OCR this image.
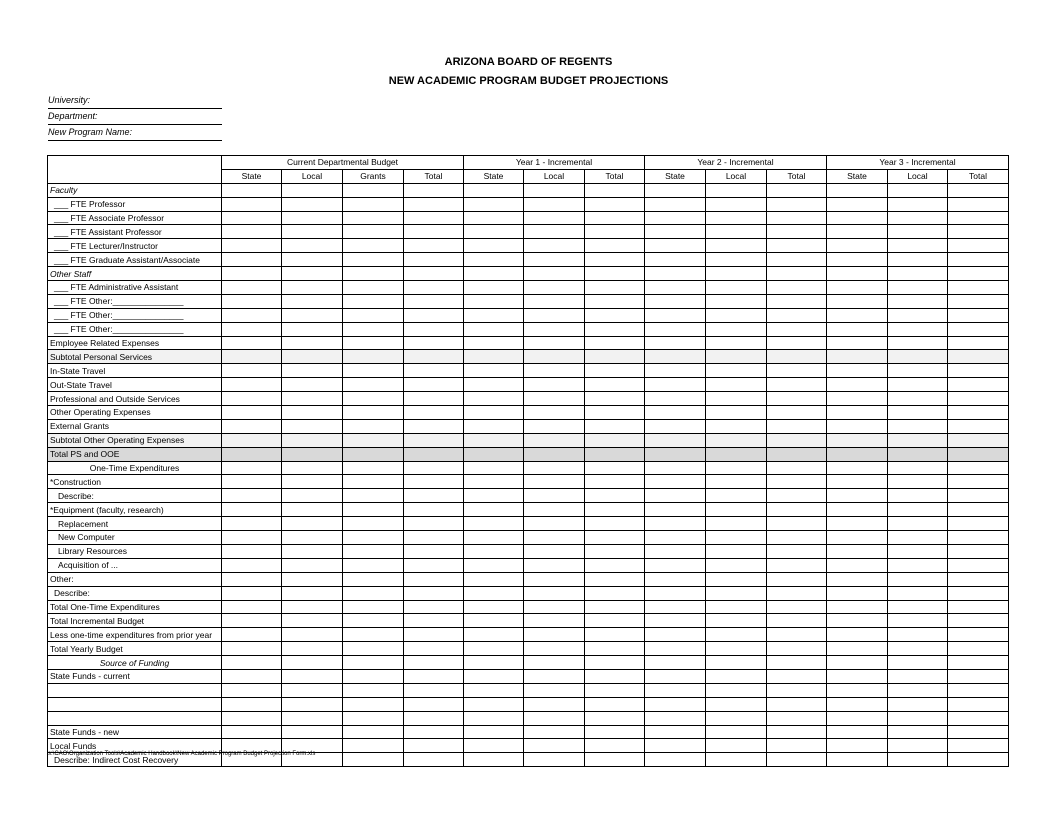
ARIZONA BOARD OF REGENTS
NEW ACADEMIC PROGRAM BUDGET PROJECTIONS
University:
Department:
New Program Name:
	Current Departmental Budget				Year 1 - Incremental			Year 2 - Incremental			Year 3 - Incremental		
	State	Local	Grants	Total	State	Local	Total	State	Local	Total	State	Local	Total
Faculty													
___ FTE Professor													
___ FTE Associate Professor													
___ FTE Assistant Professor													
___ FTE Lecturer/Instructor													
___ FTE Graduate Assistant/Associate													
Other Staff													
___ FTE Administrative Assistant													
___ FTE Other:_______________													
___ FTE Other:_______________													
___ FTE Other:_______________													
Employee Related Expenses													
Subtotal Personal Services													
In-State Travel													
Out-State Travel													
Professional and Outside Services													
Other Operating Expenses													
External Grants													
Subtotal Other Operating Expenses													
Total PS and OOE													
One-Time Expenditures													
*Construction													
Describe:													
*Equipment (faculty, research)													
Replacement													
New Computer													
Library Resources													
Acquisition of ...													
Other:													
Describe:													
Total One-Time Expenditures													
Total Incremental Budget													
Less one-time expenditures from prior year													
Total Yearly Budget													
Source of Funding													
State Funds - current													

State Funds - new													
Local Funds													
Describe: Indirect Cost Recovery													
s:\CAO\Organization Tools\Academic Handbook\New Academic Program Budget Projection Form.xls
